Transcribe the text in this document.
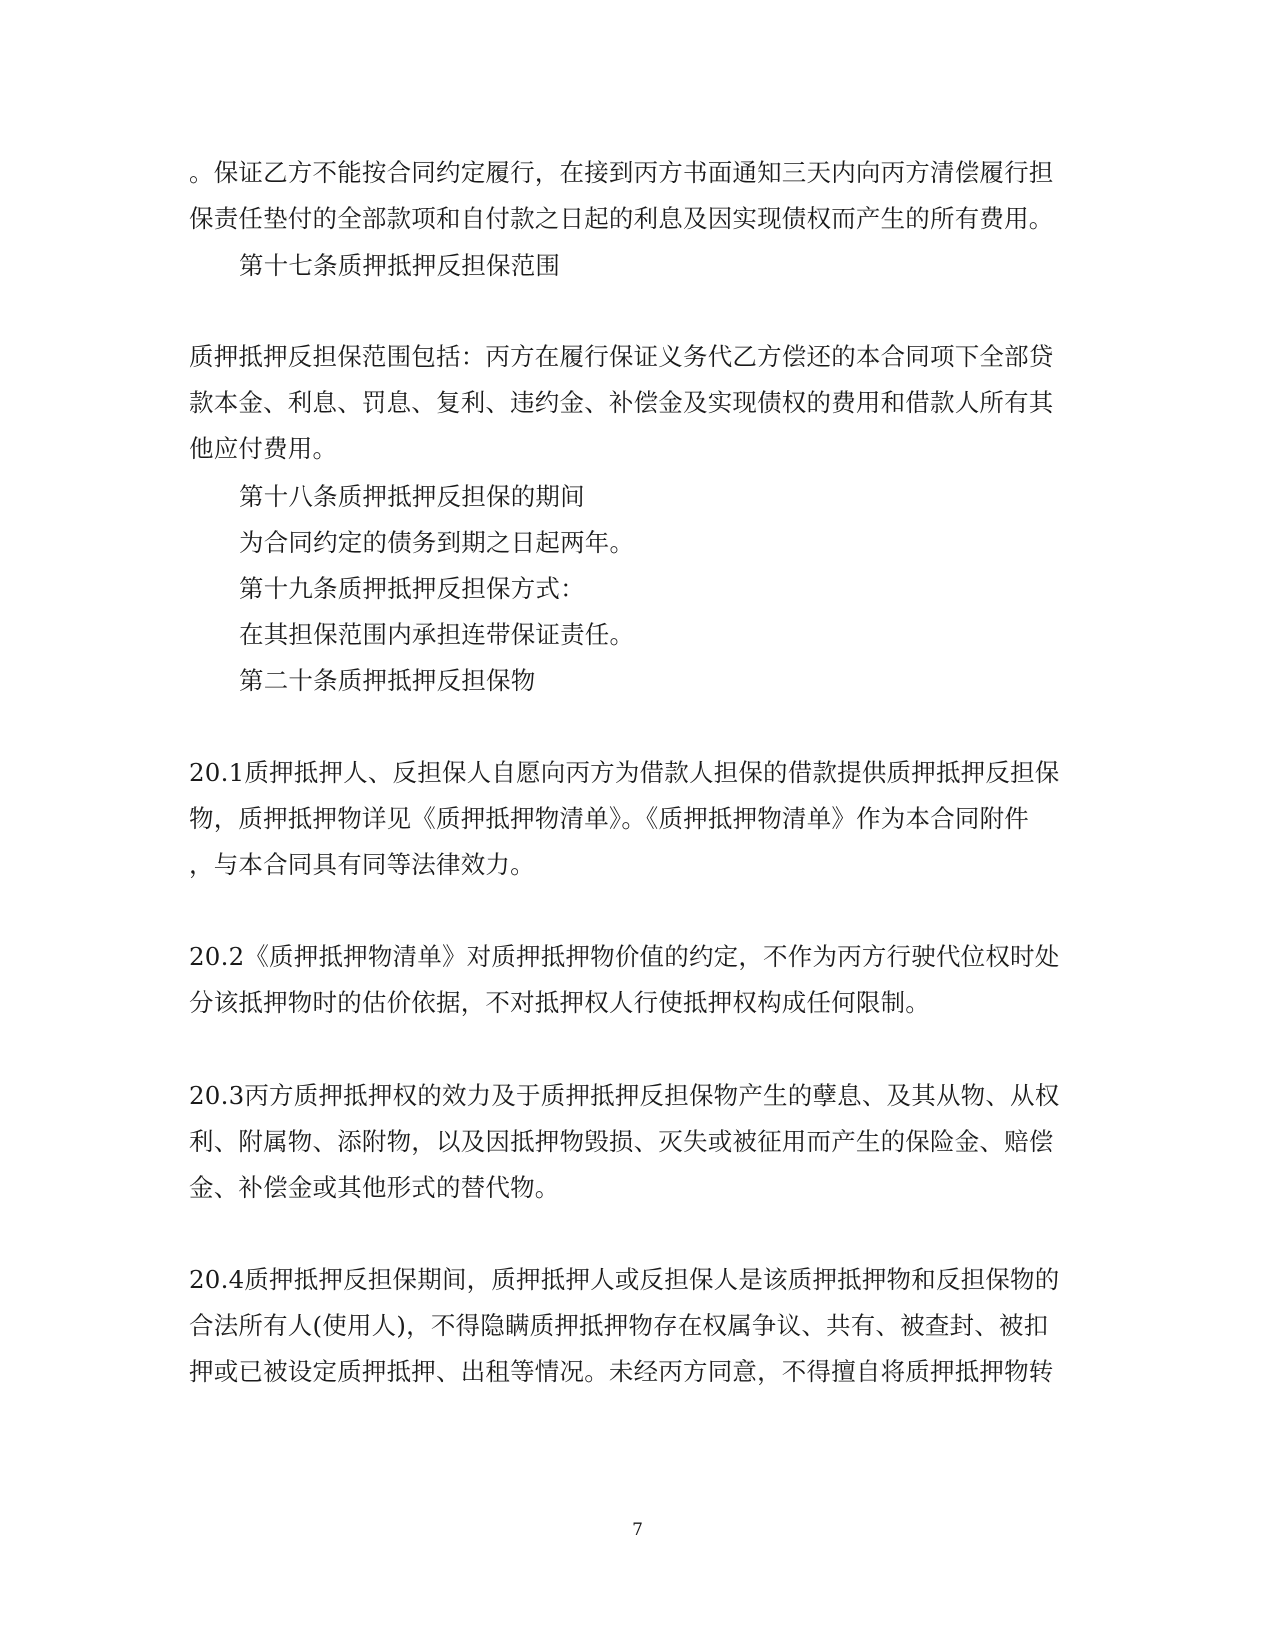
。保证乙方不能按合同约定履行，在接到丙方书面通知三天内向丙方清偿履行担
保责任垫付的全部款项和自付款之日起的利息及因实现债权而产生的所有费用。
第十七条质押抵押反担保范围
质押抵押反担保范围包括：丙方在履行保证义务代乙方偿还的本合同项下全部贷
款本金、利息、罚息、复利、违约金、补偿金及实现债权的费用和借款人所有其
他应付费用。
第十八条质押抵押反担保的期间
为合同约定的债务到期之日起两年。
第十九条质押抵押反担保方式：
在其担保范围内承担连带保证责任。
第二十条质押抵押反担保物
20.1质押抵押人、反担保人自愿向丙方为借款人担保的借款提供质押抵押反担保
物，质押抵押物详见《质押抵押物清单》。《质押抵押物清单》作为本合同附件
，与本合同具有同等法律效力。
20.2《质押抵押物清单》对质押抵押物价值的约定，不作为丙方行驶代位权时处
分该抵押物时的估价依据，不对抵押权人行使抵押权构成任何限制。
20.3丙方质押抵押权的效力及于质押抵押反担保物产生的孽息、及其从物、从权
利、附属物、添附物，以及因抵押物毁损、灭失或被征用而产生的保险金、赔偿
金、补偿金或其他形式的替代物。
20.4质押抵押反担保期间，质押抵押人或反担保人是该质押抵押物和反担保物的
合法所有人(使用人)，不得隐瞒质押抵押物存在权属争议、共有、被查封、被扣
押或已被设定质押抵押、出租等情况。未经丙方同意，不得擅自将质押抵押物转
7
